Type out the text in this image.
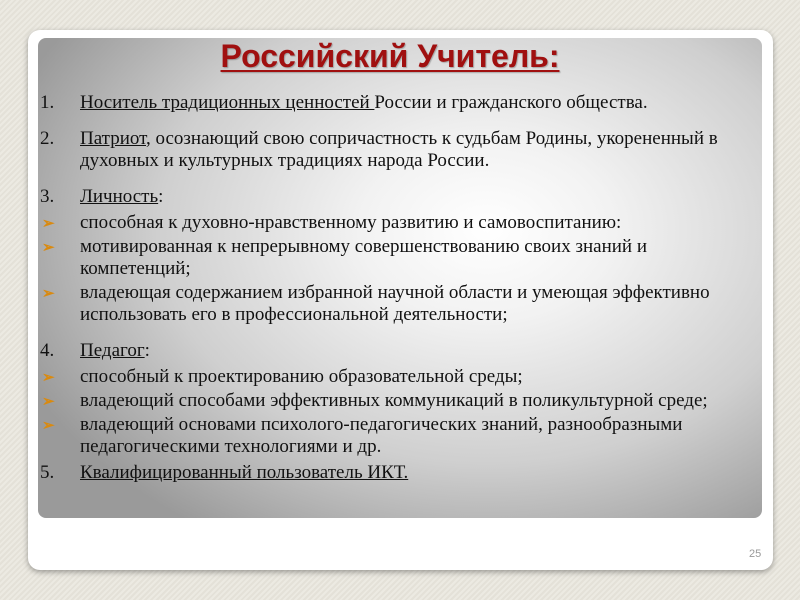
Российский Учитель:
1. Носитель традиционных ценностей России и гражданского общества.
2. Патриот, осознающий свою сопричастность к судьбам Родины, укорененный в духовных и культурных традициях народа России.
3. Личность:
➢ способная к духовно-нравственному развитию и самовоспитанию:
➢ мотивированная к непрерывному совершенствованию своих знаний и компетенций;
➢ владеющая содержанием избранной научной области и умеющая эффективно использовать его в профессиональной деятельности;
4. Педагог:
➢ способный к проектированию образовательной среды;
➢ владеющий способами эффективных коммуникаций в поликультурной среде;
➢ владеющий основами психолого-педагогических знаний, разнообразными педагогическими технологиями и др.
5. Квалифицированный пользователь ИКТ.
25
